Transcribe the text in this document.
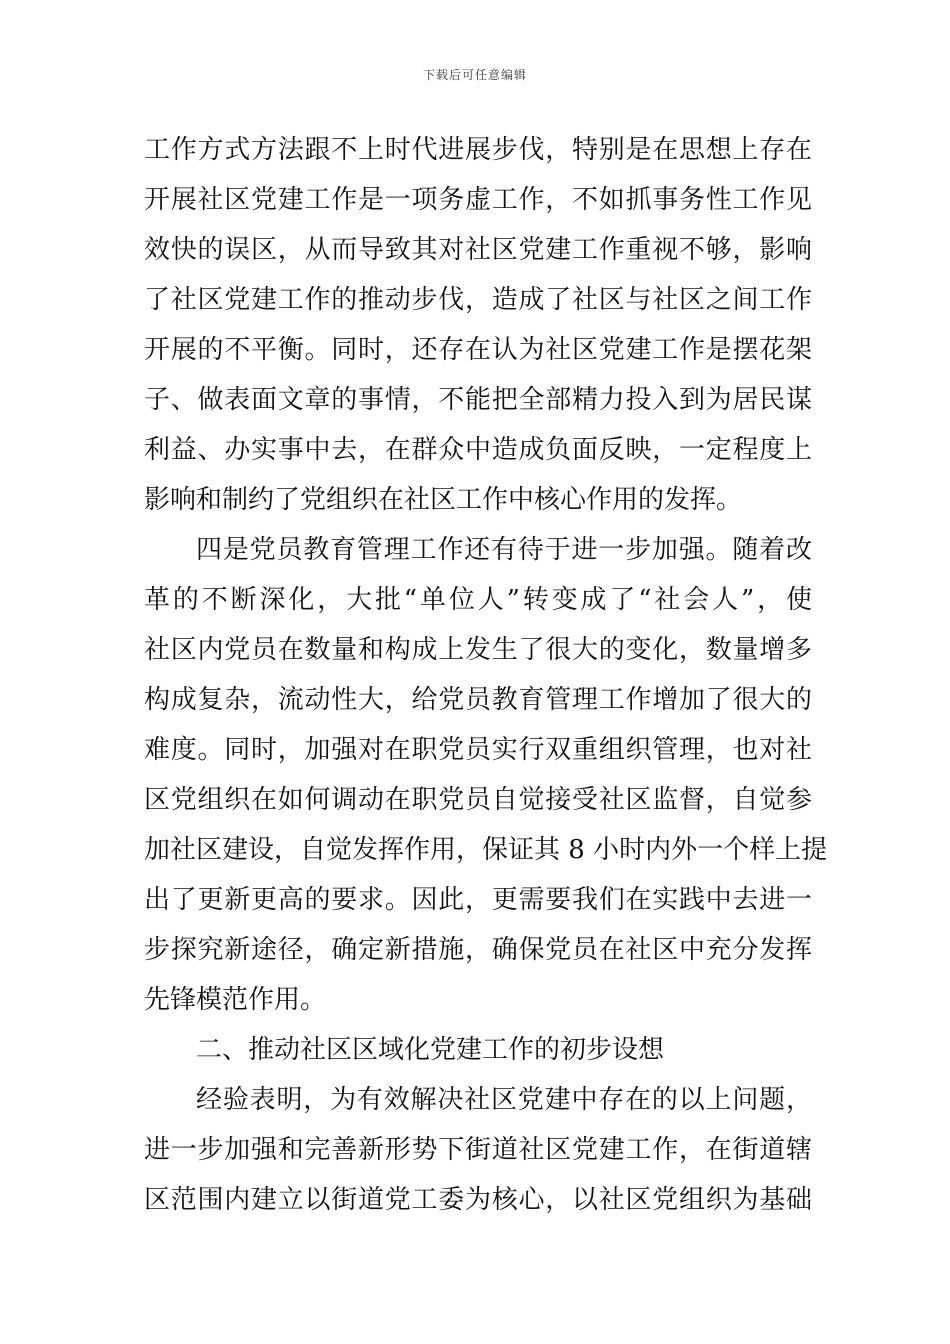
下载后可任意编辑
工作方式方法跟不上时代进展步伐，特别是在思想上存在
开展社区党建工作是一项务虚工作，不如抓事务性工作见
效快的误区，从而导致其对社区党建工作重视不够，影响
了社区党建工作的推动步伐，造成了社区与社区之间工作
开展的不平衡。同时，还存在认为社区党建工作是摆花架
子、做表面文章的事情，不能把全部精力投入到为居民谋
利益、办实事中去，在群众中造成负面反映，一定程度上
影响和制约了党组织在社区工作中核心作用的发挥。
四是党员教育管理工作还有待于进一步加强。随着改
革的不断深化，大批“单位人”转变成了“社会人”，使
社区内党员在数量和构成上发生了很大的变化，数量增多
构成复杂，流动性大，给党员教育管理工作增加了很大的
难度。同时，加强对在职党员实行双重组织管理，也对社
区党组织在如何调动在职党员自觉接受社区监督，自觉参
加社区建设，自觉发挥作用，保证其 8 小时内外一个样上提
出了更新更高的要求。因此，更需要我们在实践中去进一
步探究新途径，确定新措施，确保党员在社区中充分发挥
先锋模范作用。
二、推动社区区域化党建工作的初步设想
经验表明，为有效解决社区党建中存在的以上问题，
进一步加强和完善新形势下街道社区党建工作，在街道辖
区范围内建立以街道党工委为核心，以社区党组织为基础
